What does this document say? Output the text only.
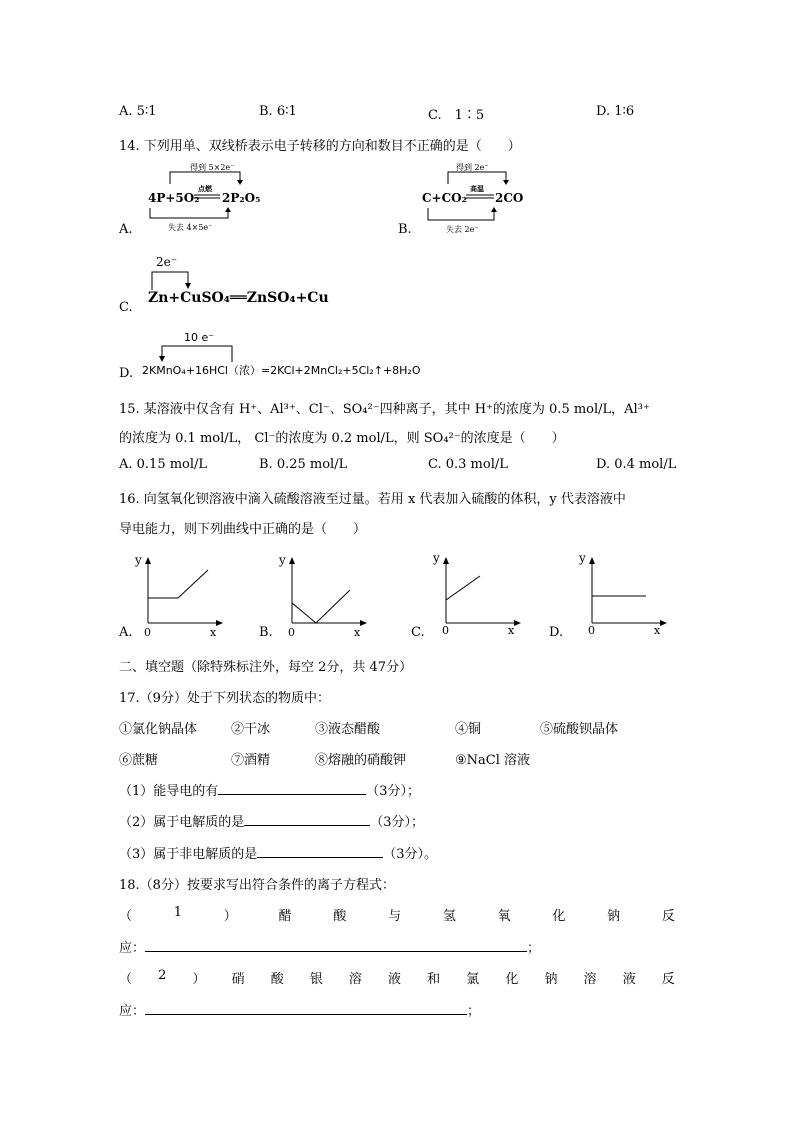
A. 5∶1	B. 6∶1	C.　1∶5	D. 1∶6
14. 下列用单、双线桥表示电子转移的方向和数目不正确的是（　　）
A.
得到 5×2e⁻
4P+5O₂
点燃
2P₂O₅
失去 4×5e⁻	B.
得到 2e⁻
C+CO₂
高温
2CO
失去 2e⁻
C.
2e⁻
Zn+CuSO₄══ZnSO₄+Cu
D.
10 e⁻
2KMnO₄+16HCl（浓）=2KCl+2MnCl₂+5Cl₂↑+8H₂O
15. 某溶液中仅含有 H⁺、Al³⁺、Cl⁻、SO₄²⁻四种离子，其中 H⁺的浓度为 0.5 mol/L，Al³⁺
的浓度为 0.1 mol/L， Cl⁻的浓度为 0.2 mol/L，则 SO₄²⁻的浓度是（　　）
A. 0.15 mol/L	B. 0.25 mol/L	C. 0.3 mol/L	D. 0.4 mol/L
16. 向氢氧化钡溶液中滴入硫酸溶液至过量。若用 x 代表加入硫酸的体积，y 代表溶液中
导电能力，则下列曲线中正确的是（　　）
A.
y
0	x	B.
y
0	x	C.
y
0	x	D.
y
0	x
二、填空题（除特殊标注外，每空 2分，共 47分）
17.（9分）处于下列状态的物质中：
①氯化钠晶体	②干冰	③液态醋酸	④铜	⑤硫酸钡晶体
⑥蔗糖	⑦酒精	⑧熔融的硝酸钾	⑨NaCl 溶液
（1）能导电的有	（3分）；
（2）属于电解质的是	（3分）；
（3）属于非电解质的是	（3分）。
18.（8分）按要求写出符合条件的离子方程式：
（	1	）	醋	酸	与	氢	氧	化	钠	反
应：	；
（ 2 ） 硝 酸 银 溶 液 和 氯 化 钠 溶 液 反
应：	；
